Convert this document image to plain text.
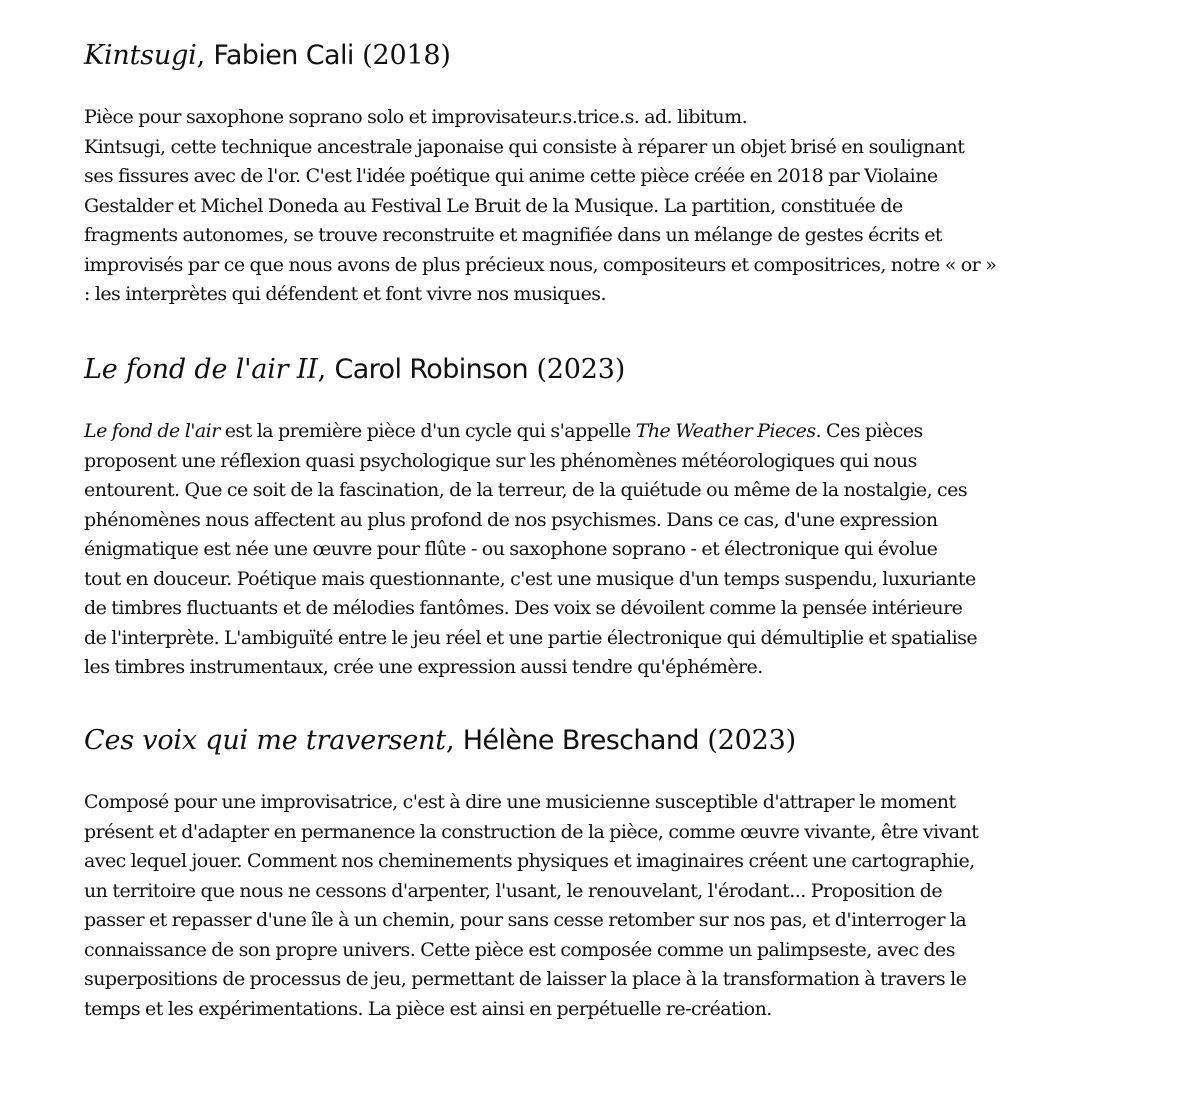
Kintsugi, Fabien Cali (2018)

Pièce pour saxophone soprano solo et improvisateur.s.trice.s. ad. libitum.
Kintsugi, cette technique ancestrale japonaise qui consiste à réparer un objet brisé en soulignant
ses fissures avec de l'or. C'est l'idée poétique qui anime cette pièce créée en 2018 par Violaine
Gestalder et Michel Doneda au Festival Le Bruit de la Musique. La partition, constituée de
fragments autonomes, se trouve reconstruite et magnifiée dans un mélange de gestes écrits et
improvisés par ce que nous avons de plus précieux nous, compositeurs et compositrices, notre « or »
: les interprètes qui défendent et font vivre nos musiques.

Le fond de l'air II, Carol Robinson (2023)

Le fond de l'air est la première pièce d'un cycle qui s'appelle The Weather Pieces. Ces pièces
proposent une réflexion quasi psychologique sur les phénomènes météorologiques qui nous
entourent. Que ce soit de la fascination, de la terreur, de la quiétude ou même de la nostalgie, ces
phénomènes nous affectent au plus profond de nos psychismes. Dans ce cas, d'une expression
énigmatique est née une œuvre pour flûte - ou saxophone soprano - et électronique qui évolue
tout en douceur. Poétique mais questionnante, c'est une musique d'un temps suspendu, luxuriante
de timbres fluctuants et de mélodies fantômes. Des voix se dévoilent comme la pensée intérieure
de l'interprète. L'ambiguïté entre le jeu réel et une partie électronique qui démultiplie et spatialise
les timbres instrumentaux, crée une expression aussi tendre qu'éphémère.

Ces voix qui me traversent, Hélène Breschand (2023)

Composé pour une improvisatrice, c'est à dire une musicienne susceptible d'attraper le moment
présent et d'adapter en permanence la construction de la pièce, comme œuvre vivante, être vivant
avec lequel jouer. Comment nos cheminements physiques et imaginaires créent une cartographie,
un territoire que nous ne cessons d'arpenter, l'usant, le renouvelant, l'érodant... Proposition de
passer et repasser d'une île à un chemin, pour sans cesse retomber sur nos pas, et d'interroger la
connaissance de son propre univers. Cette pièce est composée comme un palimpseste, avec des
superpositions de processus de jeu, permettant de laisser la place à la transformation à travers le
temps et les expérimentations. La pièce est ainsi en perpétuelle re-création.
